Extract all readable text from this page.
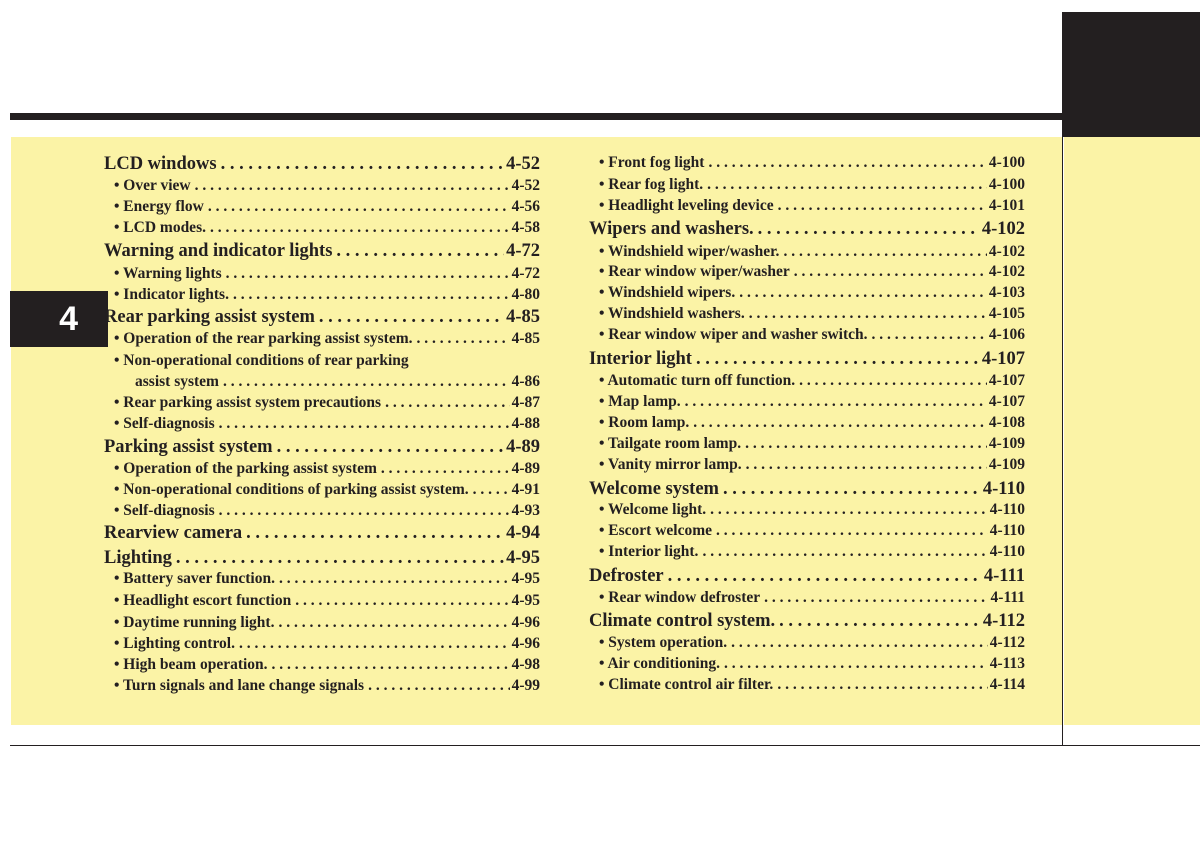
4
LCD windows . . .	4-52
• Over view . . .	4-52
• Energy flow . . .	4-56
• LCD modes. . . .	4-58
Warning and indicator lights . . .	4-72
• Warning lights . . .	4-72
• Indicator lights. . . .	4-80
Rear parking assist system . . .	4-85
• Operation of the rear parking assist system. . . .	4-85
• Non-operational conditions of rear parking
assist system . . .	4-86
• Rear parking assist system precautions . . .	4-87
• Self-diagnosis . . .	4-88
Parking assist system . . .	4-89
• Operation of the parking assist system . . .	4-89
• Non-operational conditions of parking assist system. . . .	4-91
• Self-diagnosis . . .	4-93
Rearview camera . . .	4-94
Lighting . . .	4-95
• Battery saver function. . . .	4-95
• Headlight escort function . . .	4-95
• Daytime running light. . . .	4-96
• Lighting control. . . .	4-96
• High beam operation. . . .	4-98
• Turn signals and lane change signals . . .	4-99
• Front fog light . . .	4-100
• Rear fog light. . . .	4-100
• Headlight leveling device . . .	4-101
Wipers and washers. . . .	4-102
• Windshield wiper/washer. . . .	4-102
• Rear window wiper/washer . . .	4-102
• Windshield wipers. . . .	4-103
• Windshield washers. . . .	4-105
• Rear window wiper and washer switch. . . .	4-106
Interior light . . .	4-107
• Automatic turn off function. . . .	4-107
• Map lamp. . . .	4-107
• Room lamp. . . .	4-108
• Tailgate room lamp. . . .	4-109
• Vanity mirror lamp. . . .	4-109
Welcome system . . .	4-110
• Welcome light. . . .	4-110
• Escort welcome . . .	4-110
• Interior light. . . .	4-110
Defroster . . .	4-111
• Rear window defroster . . .	4-111
Climate control system. . . .	4-112
• System operation. . . .	4-112
• Air conditioning. . . .	4-113
• Climate control air filter. . . .	4-114
